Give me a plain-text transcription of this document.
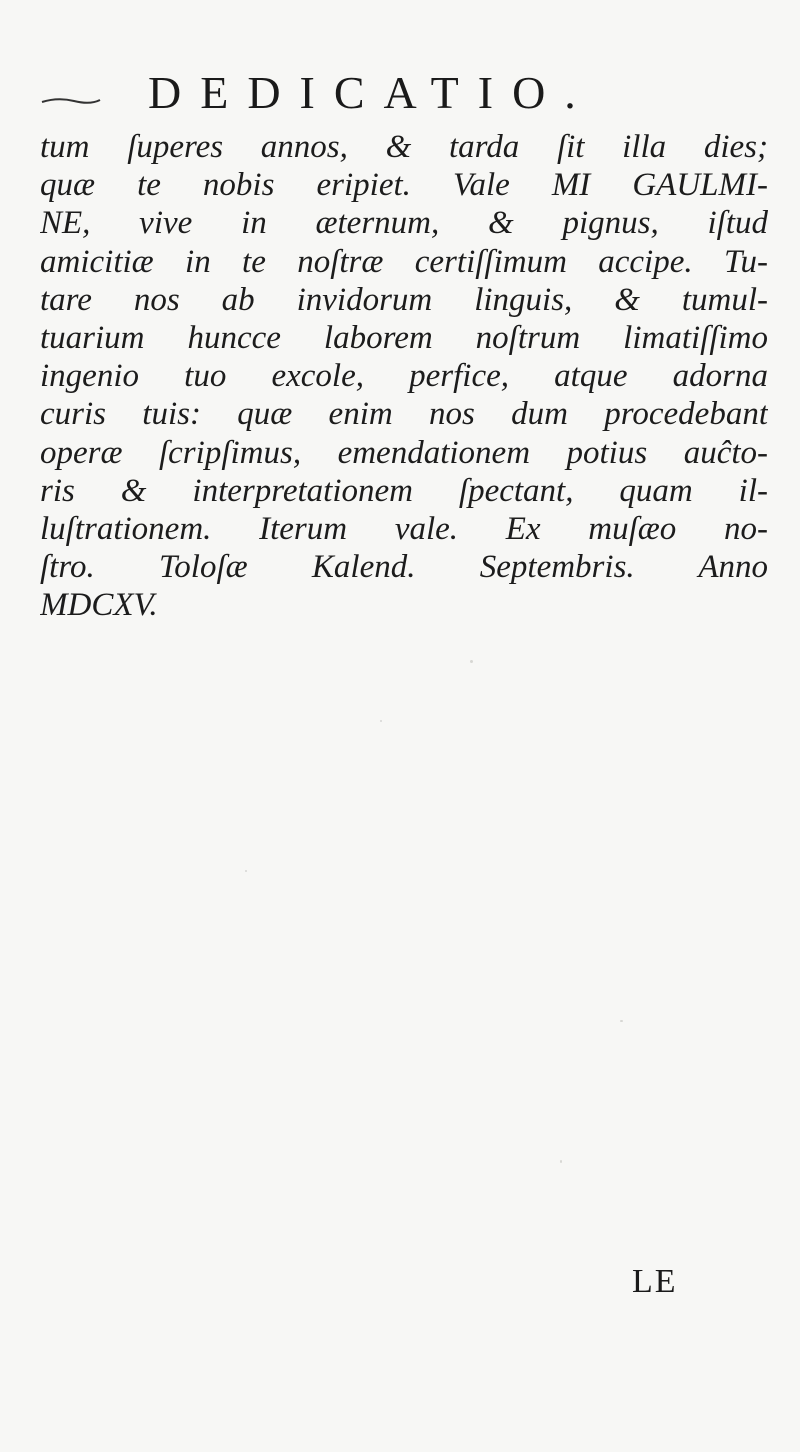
DEDICATIO.
tum ſuperes annos, & tarda ſit illa dies;
quæ te nobis eripiet. Vale MI GAULMI-
NE, vive in æternum, & pignus, iſtud
amicitiæ in te noſtræ certiſſimum accipe. Tu-
tare nos ab invidorum linguis, & tumul-
tuarium huncce laborem noſtrum limatiſſimo
ingenio tuo excole, perfice, atque adorna
curis tuis: quæ enim nos dum procedebant
operæ ſcripſimus, emendationem potius auĉto-
ris & interpretationem ſpectant, quam il-
luſtrationem. Iterum vale. Ex muſæo no-
ſtro. Toloſæ Kalend. Septembris. Anno
MDCXV.
LE
